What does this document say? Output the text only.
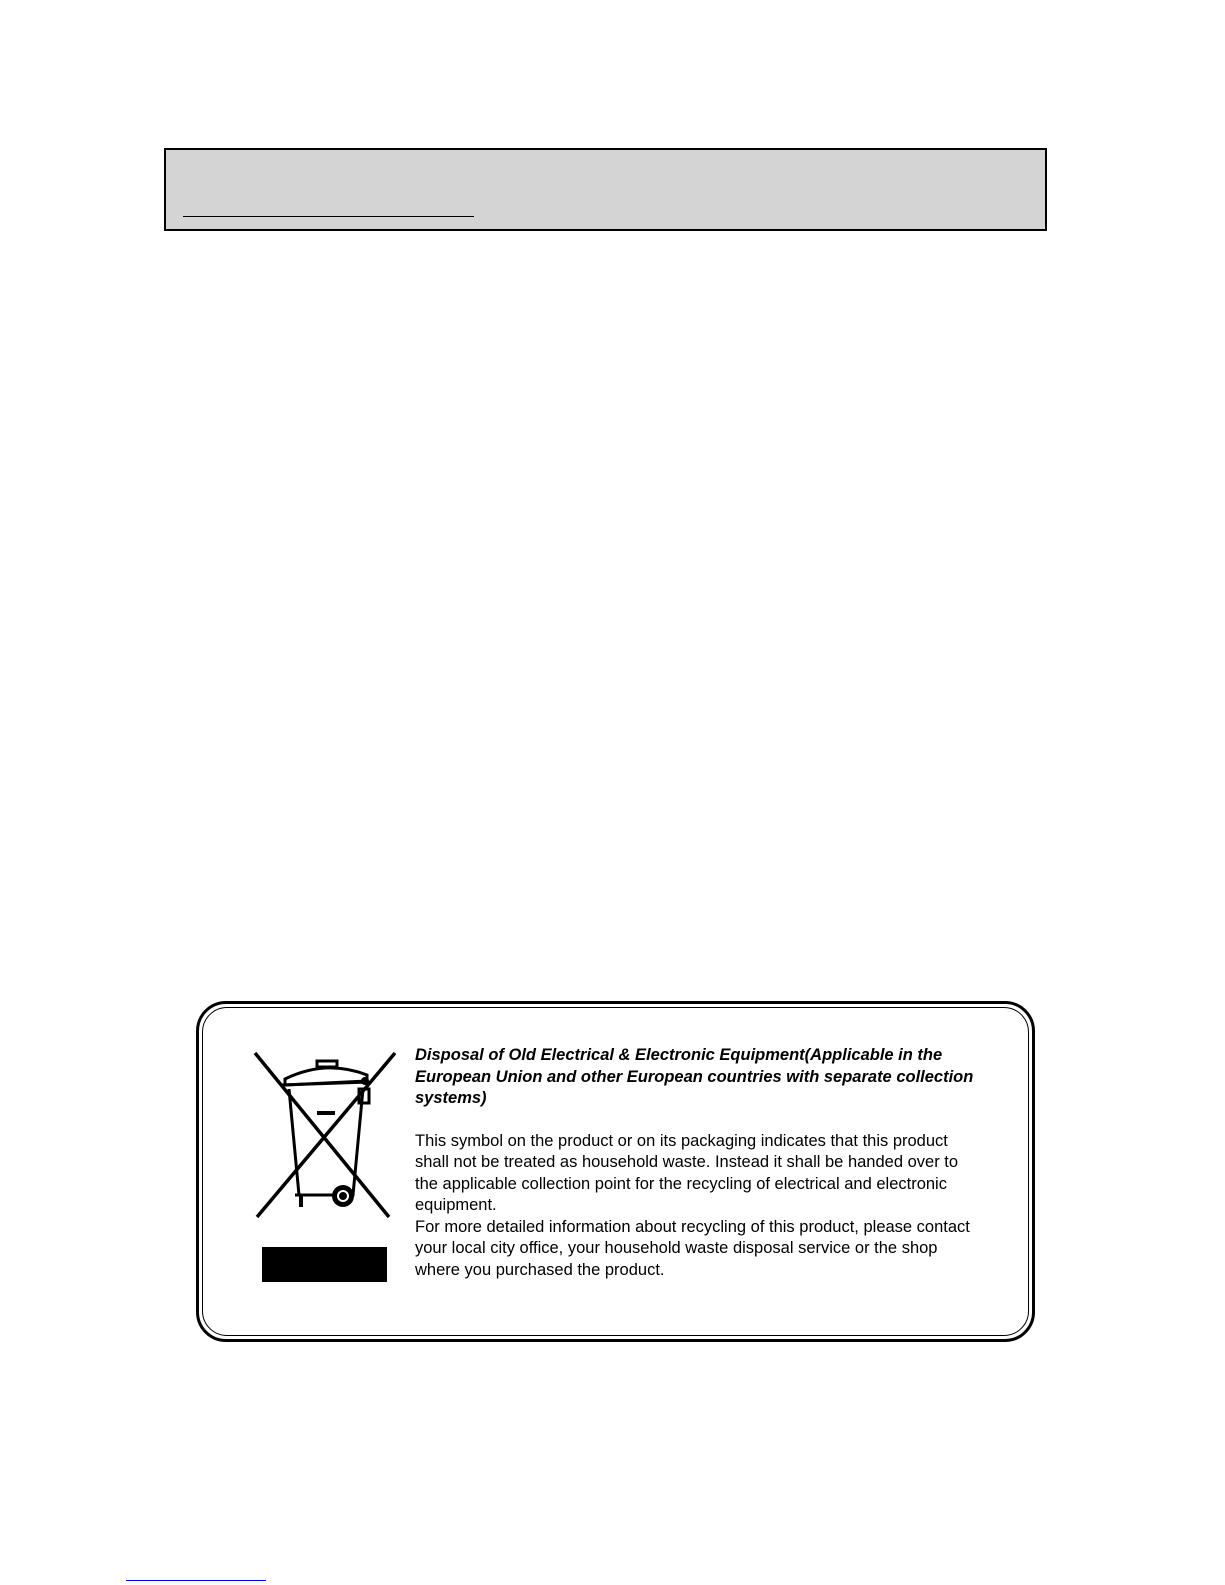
Disposal of Old Electrical & Electronic Equipment(Applicable in the European Union and other European countries with separate collection systems)

This symbol on the product or on its packaging indicates that this product shall not be treated as household waste. Instead it shall be handed over to the applicable collection point for the recycling of electrical and electronic equipment.

For more detailed information about recycling of this product, please contact your local city office, your household waste disposal service or the shop where you purchased the product.
